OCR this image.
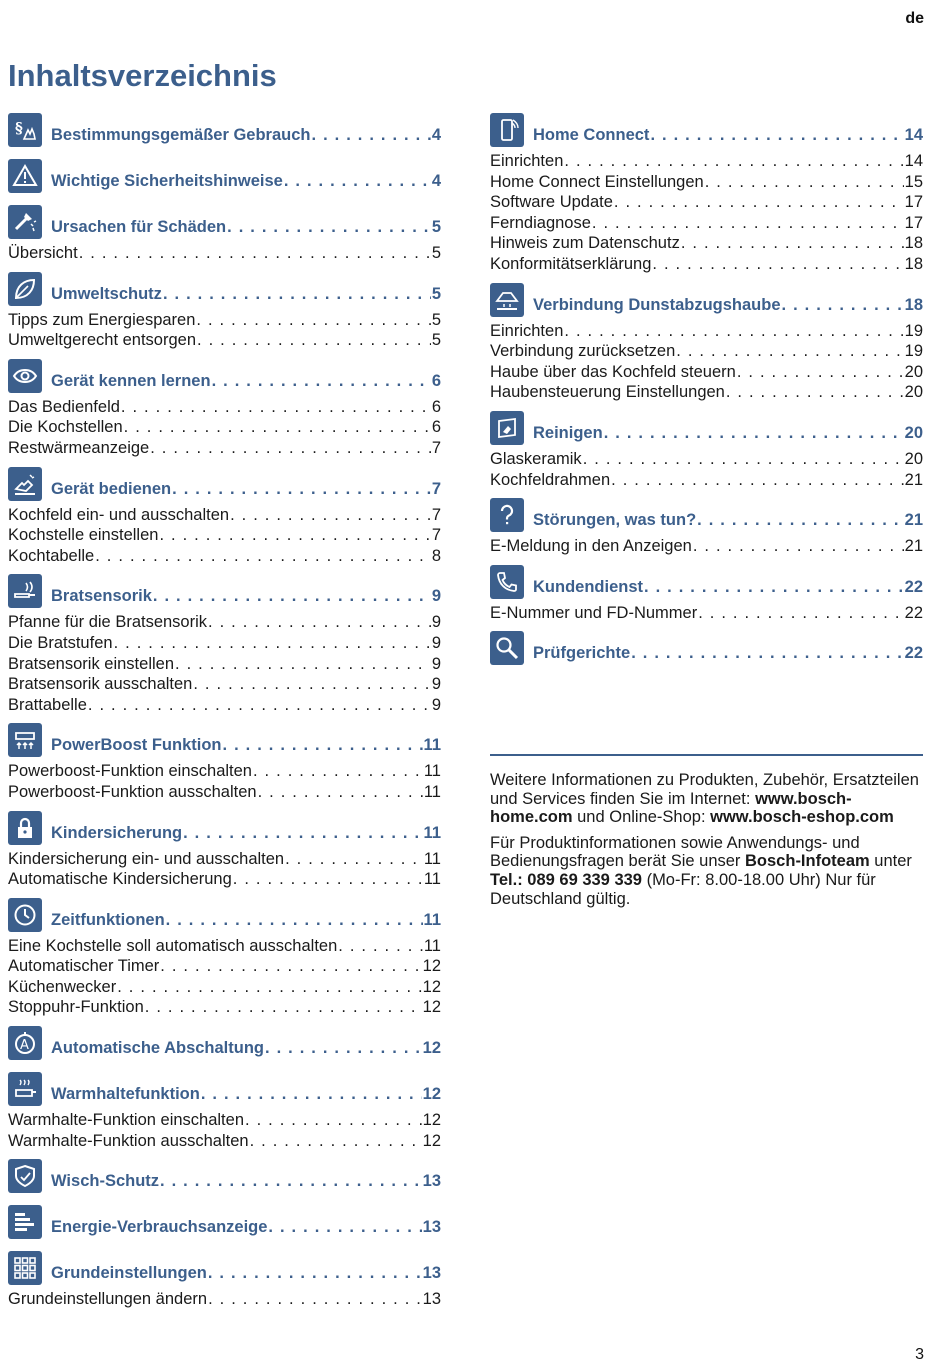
de
Inhaltsverzeichnis
§ Bestimmungsgemäßer Gebrauch . . .	4
Wichtige Sicherheitshinweise . . .	4
Ursachen für Schäden . . .	5
Übersicht . . .	5
Umweltschutz . . .	5
Tipps zum Energiesparen . . .	5
Umweltgerecht entsorgen . . .	5
Gerät kennen lernen . . .	6
Das Bedienfeld . . .	6
Die Kochstellen . . .	6
Restwärmeanzeige . . .	7
Gerät bedienen . . .	7
Kochfeld ein- und ausschalten . . .	7
Kochstelle einstellen . . .	7
Kochtabelle . . .	8
Bratsensorik . . .	9
Pfanne für die Bratsensorik . . .	9
Die Bratstufen . . .	9
Bratsensorik einstellen . . .	9
Bratsensorik ausschalten . . .	9
Brattabelle . . .	9
PowerBoost Funktion . . .	11
Powerboost-Funktion einschalten . . .	11
Powerboost-Funktion ausschalten . . .	11
Kindersicherung . . .	11
Kindersicherung ein- und ausschalten . . .	11
Automatische Kindersicherung . . .	11
Zeitfunktionen . . .	11
Eine Kochstelle soll automatisch ausschalten . . .	11
Automatischer Timer . . .	12
Küchenwecker . . .	12
Stoppuhr-Funktion . . .	12
A Automatische Abschaltung . . .	12
Warmhaltefunktion . . .	12
Warmhalte-Funktion einschalten . . .	12
Warmhalte-Funktion ausschalten . . .	12
Wisch-Schutz . . .	13
Energie-Verbrauchsanzeige . . .	13
Grundeinstellungen . . .	13
Grundeinstellungen ändern . . .	13
Home Connect . . .	14
Einrichten . . .	14
Home Connect Einstellungen . . .	15
Software Update . . .	17
Ferndiagnose . . .	17
Hinweis zum Datenschutz . . .	18
Konformitätserklärung . . .	18
Verbindung Dunstabzugshaube . . .	18
Einrichten . . .	19
Verbindung zurücksetzen . . .	19
Haube über das Kochfeld steuern . . .	20
Haubensteuerung Einstellungen . . .	20
Reinigen . . .	20
Glaskeramik . . .	20
Kochfeldrahmen . . .	21
Störungen, was tun? . . .	21
E-Meldung in den Anzeigen . . .	21
Kundendienst . . .	22
E-Nummer und FD-Nummer . . .	22
Prüfgerichte . . .	22

Weitere Informationen zu Produkten, Zubehör, Ersatzteilen und Services finden Sie im Internet: www.bosch-home.com und Online-Shop: www.bosch-eshop.com

Für Produktinformationen sowie Anwendungs- und Bedienungsfragen berät Sie unser Bosch-Infoteam unter Tel.: 089 69 339 339 (Mo-Fr: 8.00-18.00 Uhr) Nur für Deutschland gültig.

3
